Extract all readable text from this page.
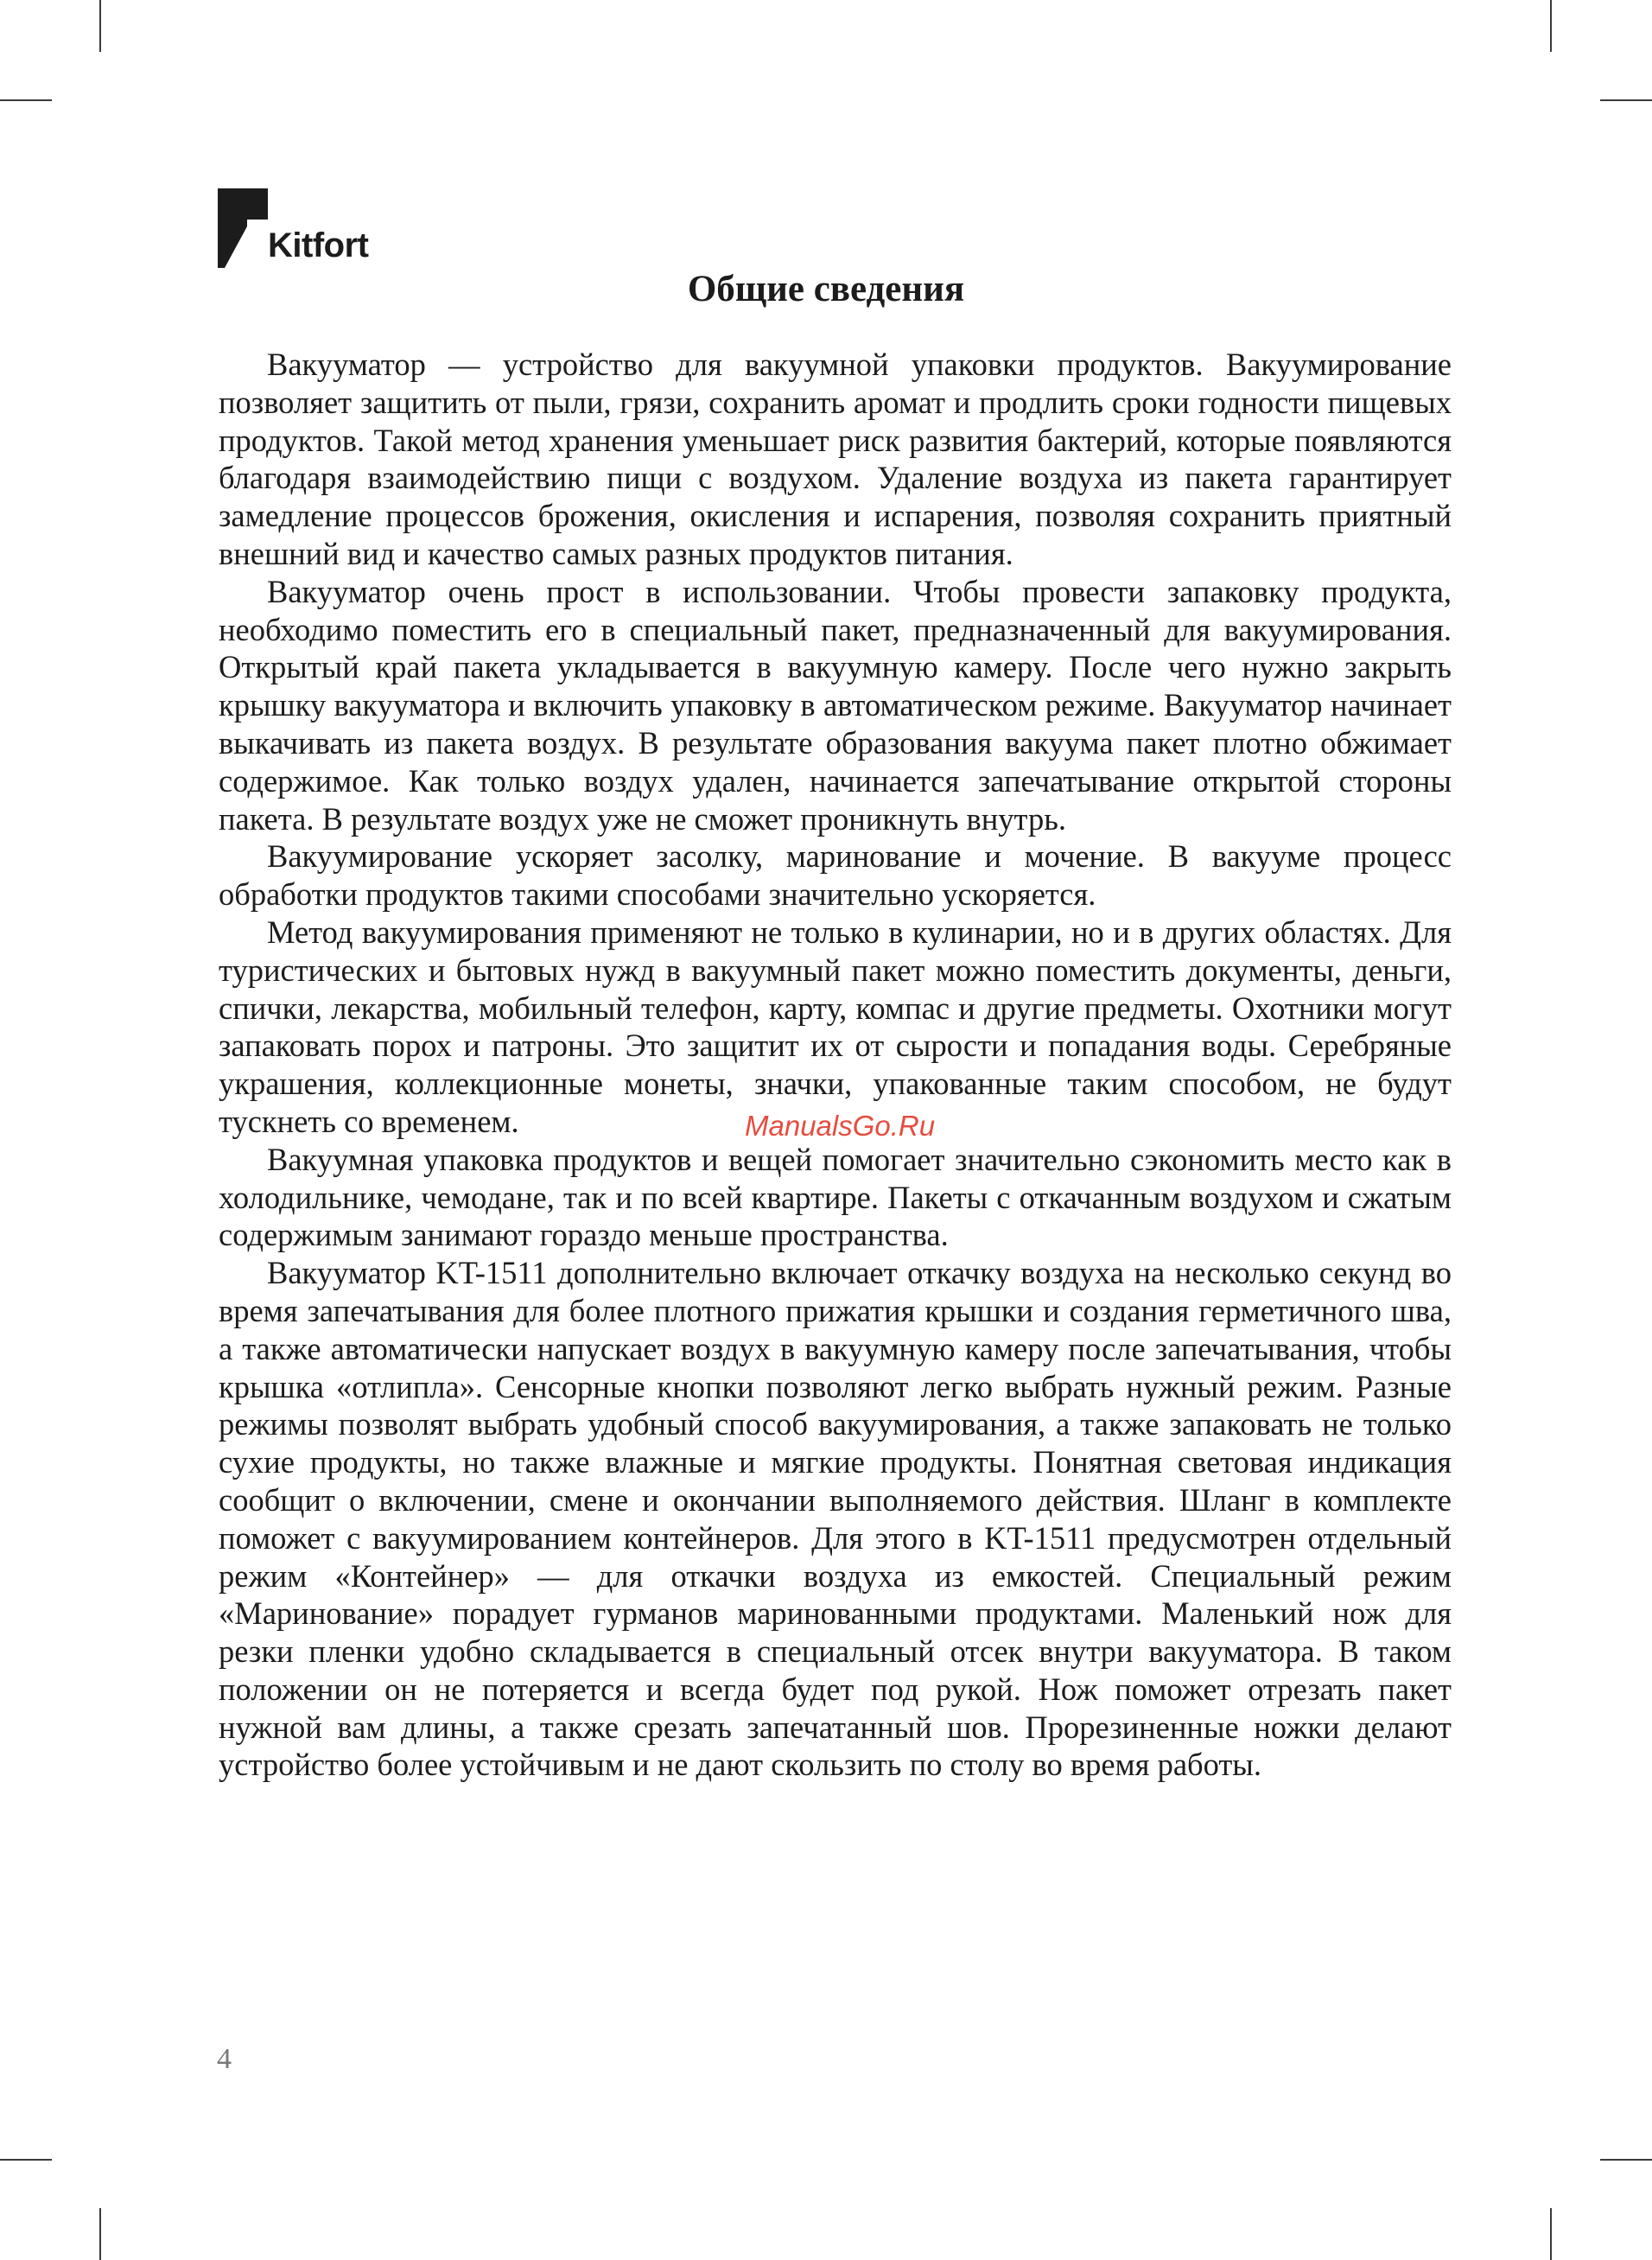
Kitfort
Общие сведения

Вакууматор — устройство для вакуумной упаковки продуктов. Вакуумирование позволяет защитить от пыли, грязи, сохранить аромат и продлить сроки годности пищевых продуктов. Такой метод хранения уменьшает риск развития бактерий, которые появляются благодаря взаимодействию пищи с воздухом. Удаление воздуха из пакета гарантирует замедление процессов брожения, окисления и испарения, позволяя сохранить приятный внешний вид и качество самых разных продуктов питания.

Вакууматор очень прост в использовании. Чтобы провести запаковку продукта, необходимо поместить его в специальный пакет, предназначенный для вакуумирования. Открытый край пакета укладывается в вакуумную камеру. После чего нужно закрыть крышку вакууматора и включить упаковку в автоматическом режиме. Вакууматор начинает выкачивать из пакета воздух. В результате образования вакуума пакет плотно обжимает содержимое. Как только воздух удален, начинается запечатывание открытой стороны пакета. В результате воздух уже не сможет проникнуть внутрь.

Вакуумирование ускоряет засолку, маринование и мочение. В вакууме процесс обработки продуктов такими способами значительно ускоряется.

Метод вакуумирования применяют не только в кулинарии, но и в других областях. Для туристических и бытовых нужд в вакуумный пакет можно поместить документы, деньги, спички, лекарства, мобильный телефон, карту, компас и другие предметы. Охотники могут запаковать порох и патроны. Это защитит их от сырости и попадания воды. Серебряные украшения, коллекционные монеты, значки, упакованные таким способом, не будут тускнеть со временем.

Вакуумная упаковка продуктов и вещей помогает значительно сэкономить место как в холодильнике, чемодане, так и по всей квартире. Пакеты с откачанным воздухом и сжатым содержимым занимают гораздо меньше пространства.

Вакууматор KT-1511 дополнительно включает откачку воздуха на несколько секунд во время запечатывания для более плотного прижатия крышки и создания герметичного шва, а также автоматически напускает воздух в вакуумную камеру после запечатывания, чтобы крышка «отлипла». Сенсорные кнопки позволяют легко выбрать нужный режим. Разные режимы позволят выбрать удобный способ вакуумирования, а также запаковать не только сухие продукты, но также влажные и мягкие продукты. Понятная световая индикация сообщит о включении, смене и окончании выполняемого действия. Шланг в комплекте поможет с вакуумированием контейнеров. Для этого в KT-1511 предусмотрен отдельный режим «Контейнер» — для откачки воздуха из емкостей. Специальный режим «Маринование» порадует гурманов маринованными продуктами. Маленький нож для резки пленки удобно складывается в специальный отсек внутри вакууматора. В таком положении он не потеряется и всегда будет под рукой. Нож поможет отрезать пакет нужной вам длины, а также срезать запечатанный шов. Прорезиненные ножки делают устройство более устойчивым и не дают скользить по столу во время работы.

ManualsGo.Ru
4
